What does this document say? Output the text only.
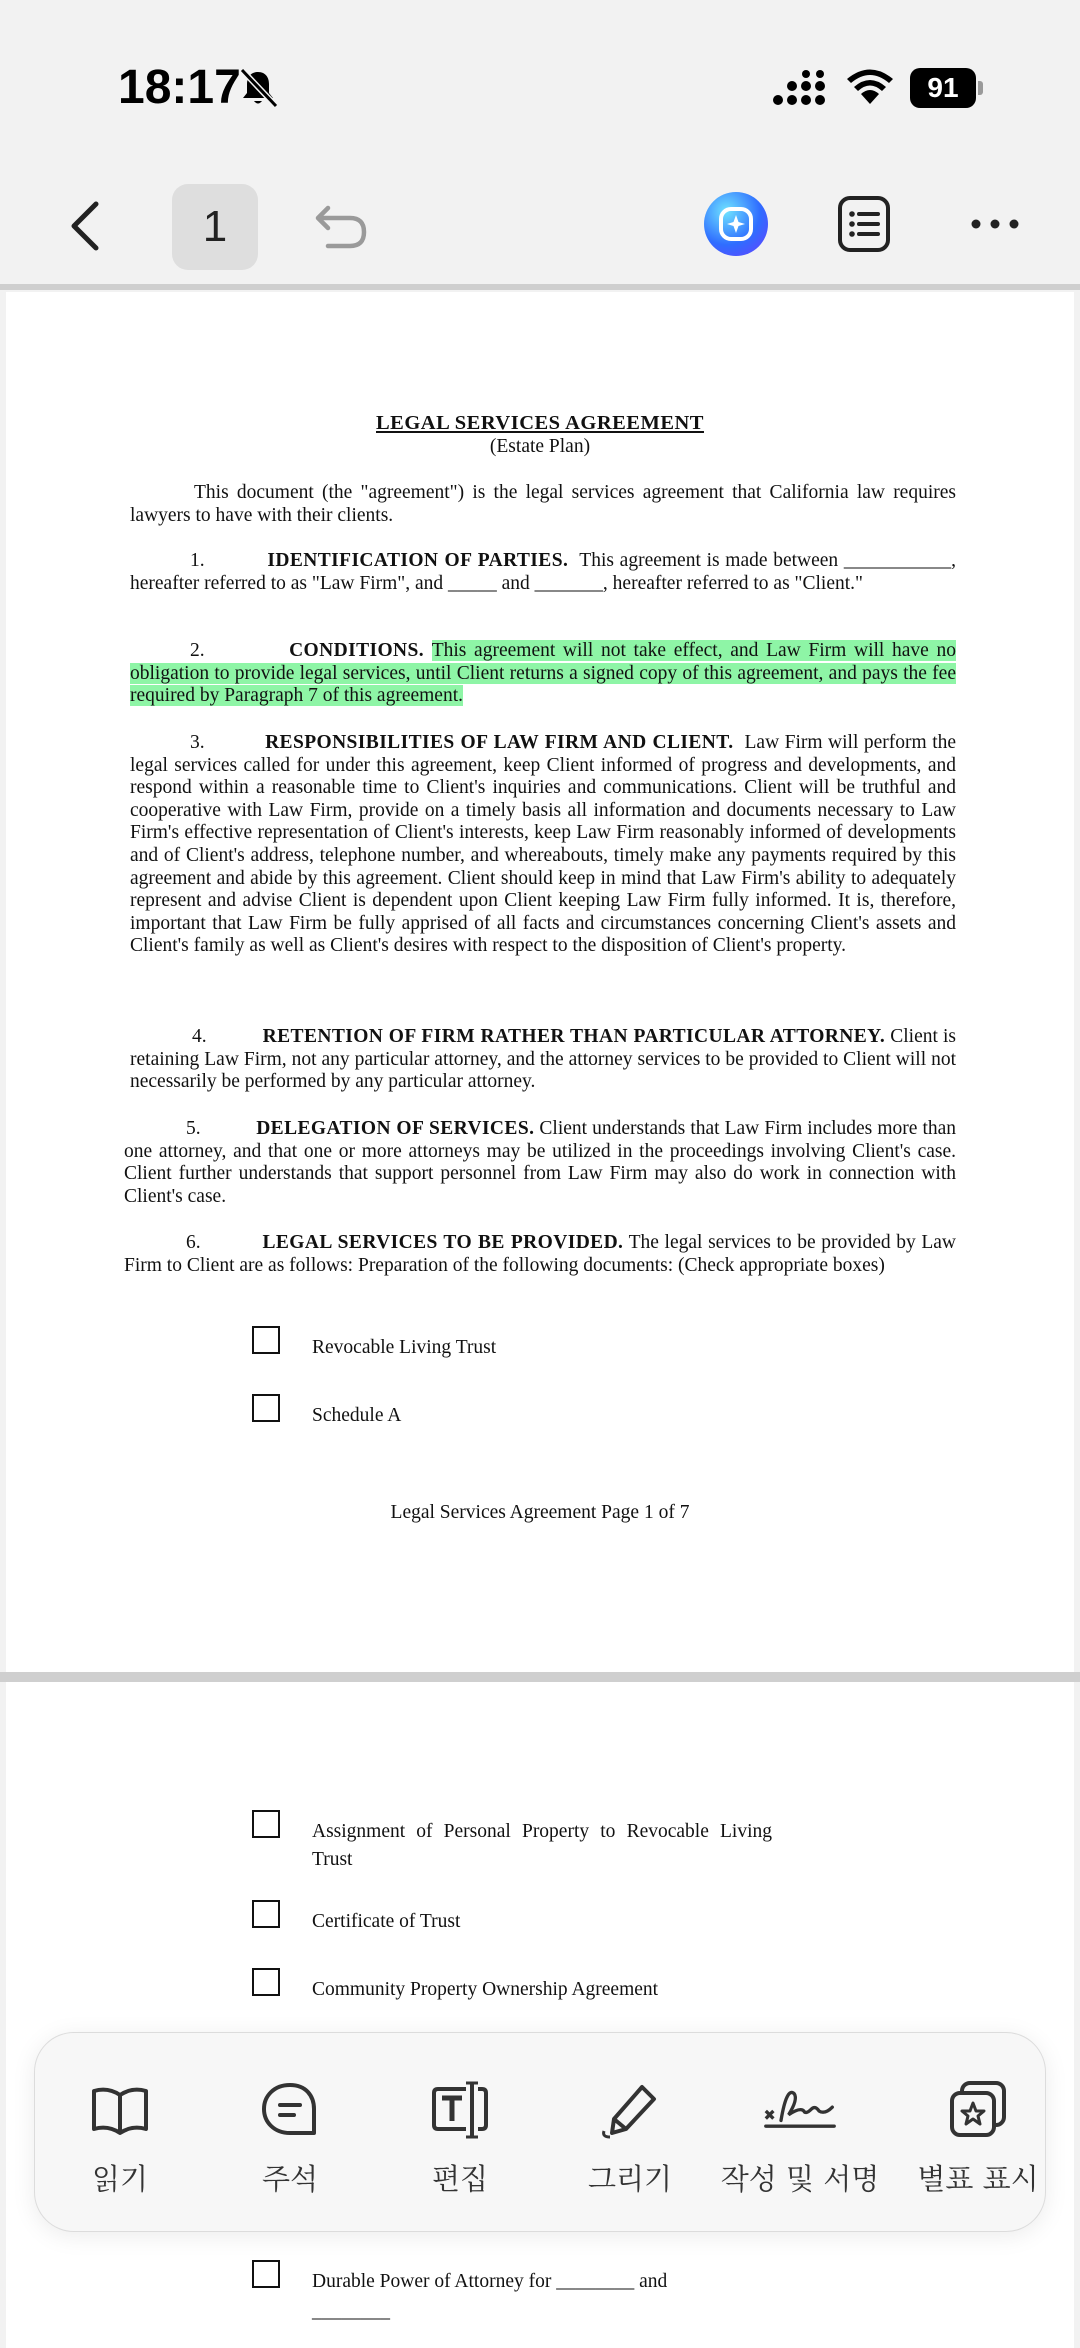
18:17	91
1
LEGAL SERVICES AGREEMENT
(Estate Plan)
This document (the "agreement") is the legal services agreement that California law requires lawyers to have with their clients.
1.	IDENTIFICATION OF PARTIES. This agreement is made between ___________, hereafter referred to as "Law Firm", and _____ and _______, hereafter referred to as "Client."
2.	CONDITIONS. This agreement will not take effect, and Law Firm will have no obligation to provide legal services, until Client returns a signed copy of this agreement, and pays the fee required by Paragraph 7 of this agreement.
3.	RESPONSIBILITIES OF LAW FIRM AND CLIENT. Law Firm will perform the legal services called for under this agreement, keep Client informed of progress and developments, and respond within a reasonable time to Client's inquiries and communications. Client will be truthful and cooperative with Law Firm, provide on a timely basis all information and documents necessary to Law Firm's effective representation of Client's interests, keep Law Firm reasonably informed of developments and of Client's address, telephone number, and whereabouts, timely make any payments required by this agreement and abide by this agreement. Client should keep in mind that Law Firm's ability to adequately represent and advise Client is dependent upon Client keeping Law Firm fully informed. It is, therefore, important that Law Firm be fully apprised of all facts and circumstances concerning Client's assets and Client's family as well as Client's desires with respect to the disposition of Client's property.
4.	RETENTION OF FIRM RATHER THAN PARTICULAR ATTORNEY. Client is retaining Law Firm, not any particular attorney, and the attorney services to be provided to Client will not necessarily be performed by any particular attorney.
5.	DELEGATION OF SERVICES. Client understands that Law Firm includes more than one attorney, and that one or more attorneys may be utilized in the proceedings involving Client's case. Client further understands that support personnel from Law Firm may also do work in connection with Client's case.
6.	LEGAL SERVICES TO BE PROVIDED. The legal services to be provided by Law Firm to Client are as follows: Preparation of the following documents: (Check appropriate boxes)
Revocable Living Trust
Schedule A
Legal Services Agreement Page 1 of 7
Assignment of Personal Property to Revocable Living Trust
Certificate of Trust
Community Property Ownership Agreement
Durable Power of Attorney for ________ and
________
읽기	주석	편집	그리기	작성 및 서명	별표 표시
